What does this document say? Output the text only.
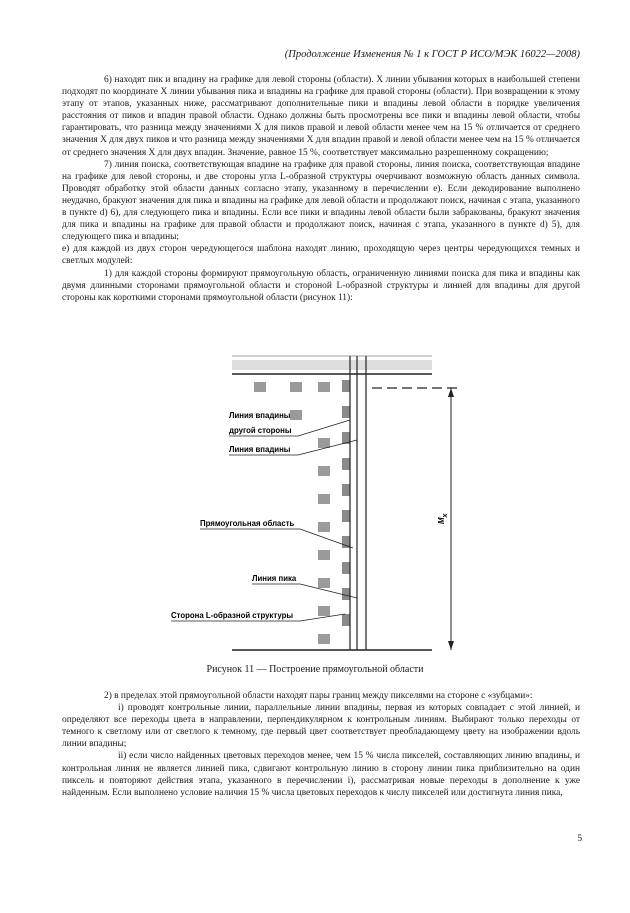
(Продолжение Изменения № 1 к ГОСТ Р ИСО/МЭК 16022—2008)

6) находят пик и впадину на графике для левой стороны (области). X линии убывания которых в наибольшей степени подходят по координате X линии убывания пика и впадины на графике для правой стороны (области). При возвращении к этому этапу от этапов, указанных ниже, рассматривают дополнительные пики и впадины левой области в порядке увеличения расстояния от пиков и впадин правой области. Однако должны быть просмотрены все пики и впадины левой области, чтобы гарантировать, что разница между значениями X для пиков правой и левой области менее чем на 15 % отличается от среднего значения X для двух пиков и что разница между значениями X для впадин правой и левой области менее чем на 15 % отличается от среднего значения X для двух впадин. Значение, равное 15 %, соответствует максимально разрешенному сокращению;

7) линия поиска, соответствующая впадине на графике для правой стороны, линия поиска, соответствующая впадине на графике для левой стороны, и две стороны угла L-образной структуры очерчивают возможную область данных символа. Проводят обработку этой области данных согласно этапу, указанному в перечислении e). Если декодирование выполнено неудачно, бракуют значения для пика и впадины на графике для левой области и продолжают поиск, начиная с этапа, указанного в пункте d) 6), для следующего пика и впадины. Если все пики и впадины левой области были забракованы, бракуют значения для пика и впадины на графике для правой области и продолжают поиск, начиная с этапа, указанного в пункте d) 5), для следующего пика и впадины;

e) для каждой из двух сторон чередующегося шаблона находят линию, проходящую через центры чередующихся темных и светлых модулей:

1) для каждой стороны формируют прямоугольную область, ограниченную линиями поиска для пика и впадины как двумя длинными сторонами прямоугольной области и стороной L-образной структуры и линией для впадины для другой стороны как короткими сторонами прямоугольной области (рисунок 11):

Mx
Линия впадины
другой стороны
Линия впадины
Прямоугольная область
Линия пика
Сторона L-образной структуры
Рисунок 11 — Построение прямоугольной области

2) в пределах этой прямоугольной области находят пары границ между пикселями на стороне с «зубцами»:

i) проводят контрольные линии, параллельные линии впадины, первая из которых совпадает с этой линией, и определяют все переходы цвета в направлении, перпендикулярном к контрольным линиям. Выбирают только переходы от темного к светлому или от светлого к темному, где первый цвет соответствует преобладающему цвету на изображении вдоль линии впадины;

ii) если число найденных цветовых переходов менее, чем 15 % числа пикселей, составляющих линию впадины, и контрольная линия не является линией пика, сдвигают контрольную линию в сторону линии пика приблизительно на один пиксель и повторяют действия этапа, указанного в перечислении i), рассматривая новые переходы в дополнение к уже найденным. Если выполнено условие наличия 15 % числа цветовых переходов к числу пикселей или достигнута линия пика,

5
